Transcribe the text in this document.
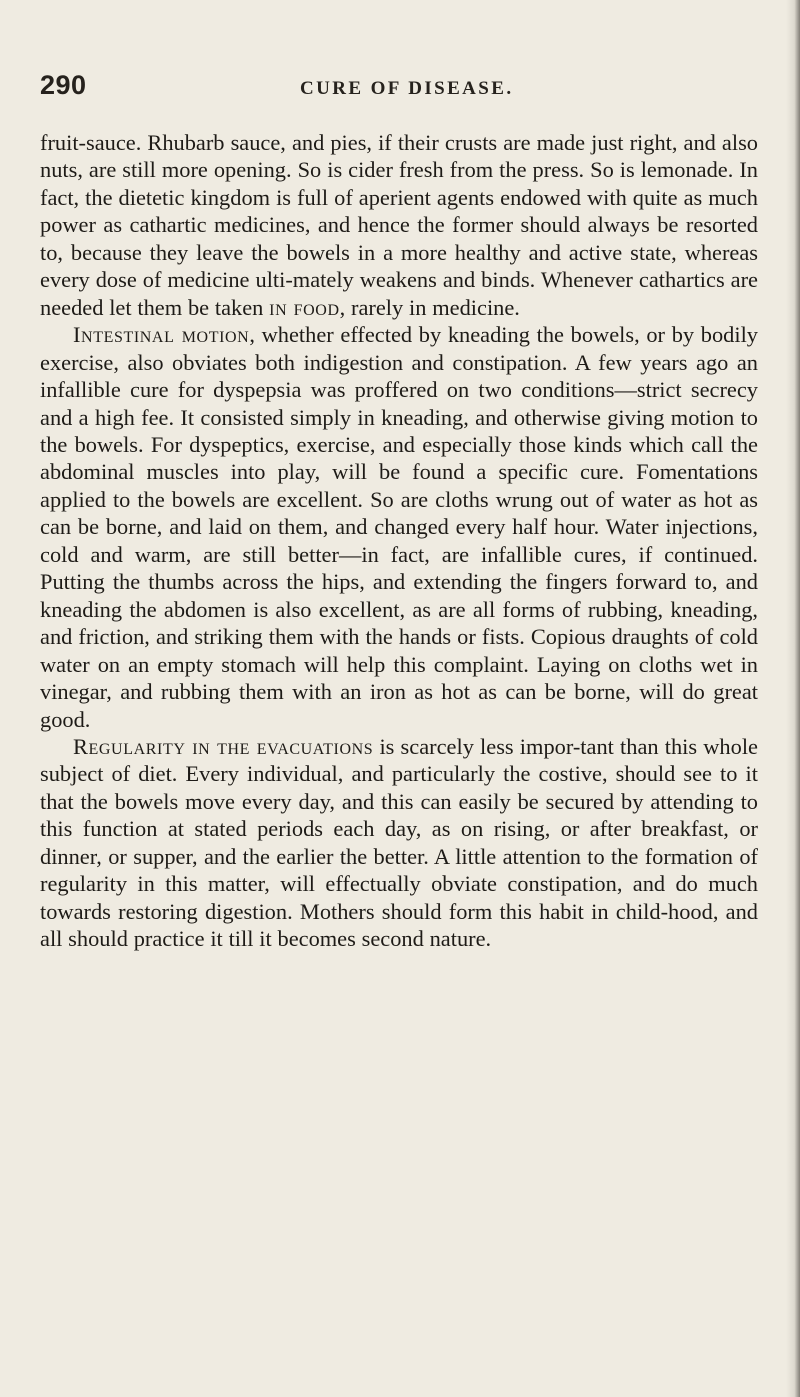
290	CURE OF DISEASE.

fruit-sauce. Rhubarb sauce, and pies, if their crusts are made just right, and also nuts, are still more opening. So is cider fresh from the press. So is lemonade. In fact, the dietetic kingdom is full of aperient agents endowed with quite as much power as cathartic medicines, and hence the former should always be resorted to, because they leave the bowels in a more healthy and active state, whereas every dose of medicine ulti-mately weakens and binds. Whenever cathartics are needed let them be taken in food, rarely in medicine.

Intestinal motion, whether effected by kneading the bowels, or by bodily exercise, also obviates both indigestion and constipation. A few years ago an infallible cure for dyspepsia was proffered on two conditions—strict secrecy and a high fee. It consisted simply in kneading, and otherwise giving motion to the bowels. For dyspeptics, exercise, and especially those kinds which call the abdominal muscles into play, will be found a specific cure. Fomentations applied to the bowels are excellent. So are cloths wrung out of water as hot as can be borne, and laid on them, and changed every half hour. Water injections, cold and warm, are still better—in fact, are infallible cures, if continued. Putting the thumbs across the hips, and extending the fingers forward to, and kneading the abdomen is also excellent, as are all forms of rubbing, kneading, and friction, and striking them with the hands or fists. Copious draughts of cold water on an empty stomach will help this complaint. Laying on cloths wet in vinegar, and rubbing them with an iron as hot as can be borne, will do great good.

Regularity in the evacuations is scarcely less impor-tant than this whole subject of diet. Every individual, and particularly the costive, should see to it that the bowels move every day, and this can easily be secured by attending to this function at stated periods each day, as on rising, or after breakfast, or dinner, or supper, and the earlier the better. A little attention to the formation of regularity in this matter, will effectually obviate constipation, and do much towards restoring digestion. Mothers should form this habit in child-hood, and all should practice it till it becomes second nature.
